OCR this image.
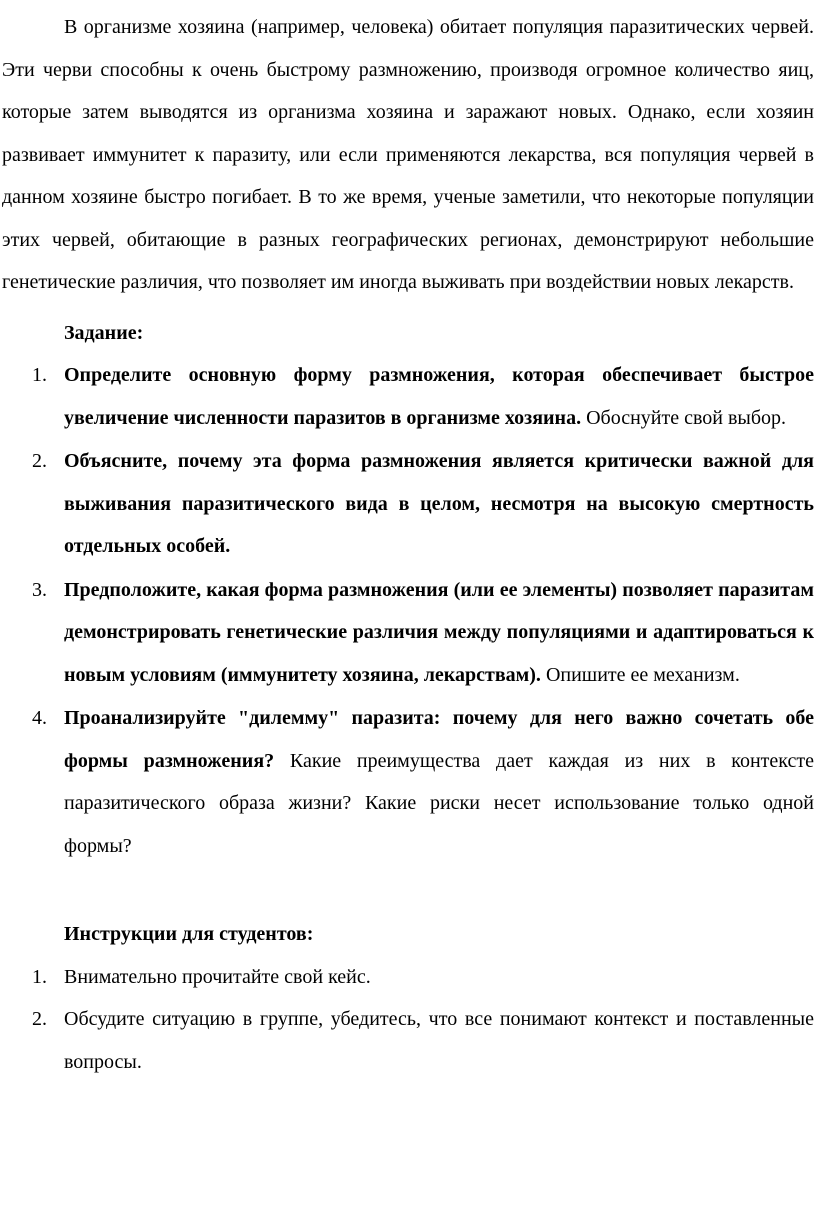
В организме хозяина (например, человека) обитает популяция паразитических червей. Эти черви способны к очень быстрому размножению, производя огромное количество яиц, которые затем выводятся из организма хозяина и заражают новых. Однако, если хозяин развивает иммунитет к паразиту, или если применяются лекарства, вся популяция червей в данном хозяине быстро погибает. В то же время, ученые заметили, что некоторые популяции этих червей, обитающие в разных географических регионах, демонстрируют небольшие генетические различия, что позволяет им иногда выживать при воздействии новых лекарств.

Задание:

1. Определите основную форму размножения, которая обеспечивает быстрое увеличение численности паразитов в организме хозяина. Обоснуйте свой выбор.
2. Объясните, почему эта форма размножения является критически важной для выживания паразитического вида в целом, несмотря на высокую смертность отдельных особей.
3. Предположите, какая форма размножения (или ее элементы) позволяет паразитам демонстрировать генетические различия между популяциями и адаптироваться к новым условиям (иммунитету хозяина, лекарствам). Опишите ее механизм.
4. Проанализируйте "дилемму" паразита: почему для него важно сочетать обе формы размножения? Какие преимущества дает каждая из них в контексте паразитического образа жизни? Какие риски несет использование только одной формы?

Инструкции для студентов:

1. Внимательно прочитайте свой кейс.
2. Обсудите ситуацию в группе, убедитесь, что все понимают контекст и поставленные вопросы.
